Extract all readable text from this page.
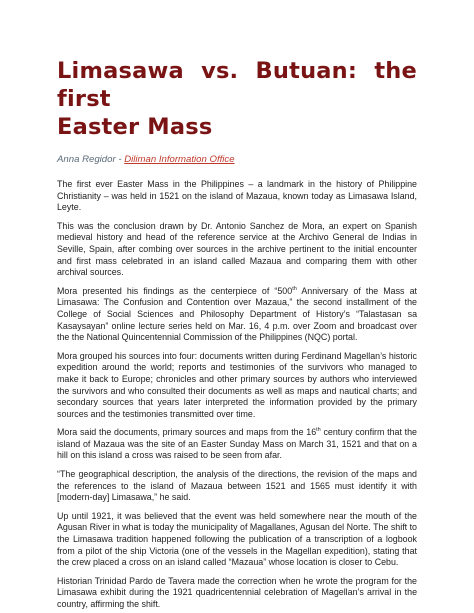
Limasawa vs. Butuan: the first
Easter Mass
Anna Regidor - Diliman Information Office

The first ever Easter Mass in the Philippines – a landmark in the history of Philippine Christianity – was held in 1521 on the island of Mazaua, known today as Limasawa Island, Leyte.

This was the conclusion drawn by Dr. Antonio Sanchez de Mora, an expert on Spanish medieval history and head of the reference service at the Archivo General de Indias in Seville, Spain, after combing over sources in the archive pertinent to the initial encounter and first mass celebrated in an island called Mazaua and comparing them with other archival sources.

Mora presented his findings as the centerpiece of “500th Anniversary of the Mass at Limasawa: The Confusion and Contention over Mazaua,” the second installment of the College of Social Sciences and Philosophy Department of History’s “Talastasan sa Kasaysayan” online lecture series held on Mar. 16, 4 p.m. over Zoom and broadcast over the the National Quincentennial Commission of the Philippines (NQC) portal.

Mora grouped his sources into four: documents written during Ferdinand Magellan’s historic expedition around the world; reports and testimonies of the survivors who managed to make it back to Europe; chronicles and other primary sources by authors who interviewed the survivors and who consulted their documents as well as maps and nautical charts; and secondary sources that years later interpreted the information provided by the primary sources and the testimonies transmitted over time.

Mora said the documents, primary sources and maps from the 16th century confirm that the island of Mazaua was the site of an Easter Sunday Mass on March 31, 1521 and that on a hill on this island a cross was raised to be seen from afar.

“The geographical description, the analysis of the directions, the revision of the maps and the references to the island of Mazaua between 1521 and 1565 must identify it with [modern-day] Limasawa,” he said.

Up until 1921, it was believed that the event was held somewhere near the mouth of the Agusan River in what is today the municipality of Magallanes, Agusan del Norte. The shift to the Limasawa tradition happened following the publication of a transcription of a logbook from a pilot of the ship Victoria (one of the vessels in the Magellan expedition), stating that the crew placed a cross on an island called “Mazaua” whose location is closer to Cebu.

Historian Trinidad Pardo de Tavera made the correction when he wrote the program for the Limasawa exhibit during the 1921 quadricentennial celebration of Magellan’s arrival in the country, affirming the shift.
